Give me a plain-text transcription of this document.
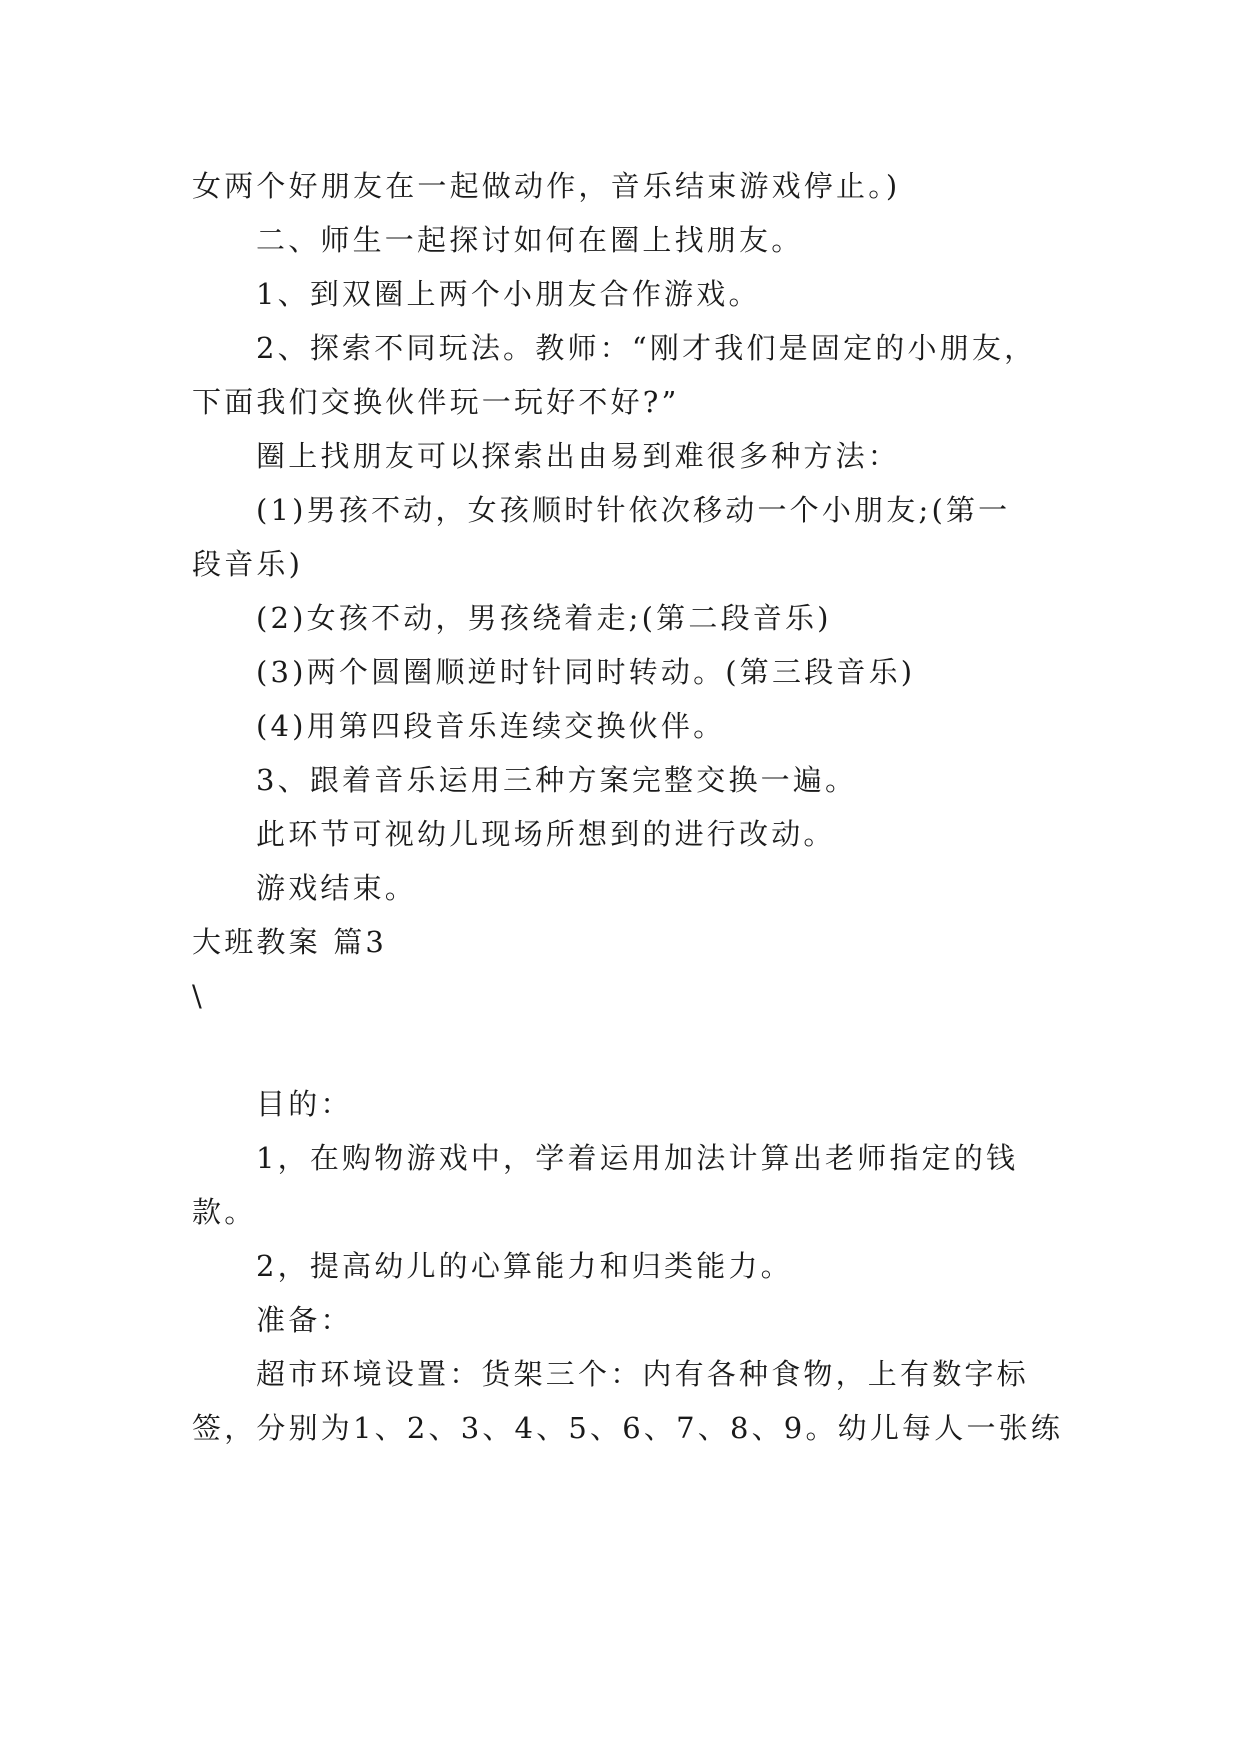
女两个好朋友在一起做动作，音乐结束游戏停止。)
二、师生一起探讨如何在圈上找朋友。
1、到双圈上两个小朋友合作游戏。
2、探索不同玩法。教师：“刚才我们是固定的小朋友，
下面我们交换伙伴玩一玩好不好?”
圈上找朋友可以探索出由易到难很多种方法：
(1)男孩不动，女孩顺时针依次移动一个小朋友;(第一
段音乐)
(2)女孩不动，男孩绕着走;(第二段音乐)
(3)两个圆圈顺逆时针同时转动。(第三段音乐)
(4)用第四段音乐连续交换伙伴。
3、跟着音乐运用三种方案完整交换一遍。
此环节可视幼儿现场所想到的进行改动。
游戏结束。
大班教案 篇3
\
目的：
1，在购物游戏中，学着运用加法计算出老师指定的钱
款。
2，提高幼儿的心算能力和归类能力。
准备：
超市环境设置：货架三个：内有各种食物，上有数字标
签，分别为1、2、3、4、5、6、7、8、9。幼儿每人一张练
